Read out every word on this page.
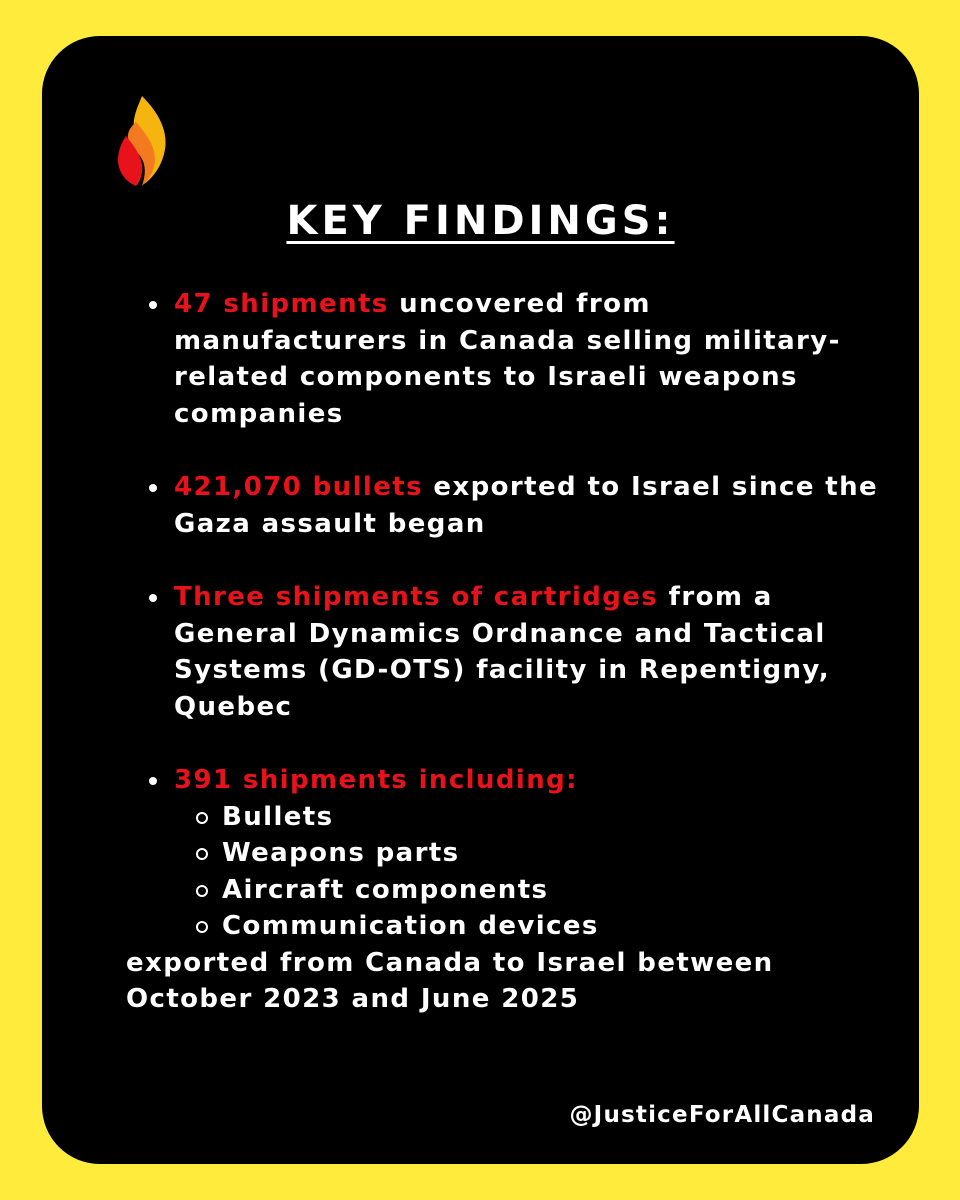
KEY FINDINGS:
47 shipments uncovered from manufacturers in Canada selling military-related components to Israeli weapons companies
421,070 bullets exported to Israel since the Gaza assault began
Three shipments of cartridges from a General Dynamics Ordnance and Tactical Systems (GD-OTS) facility in Repentigny, Quebec
391 shipments including:
Bullets
Weapons parts
Aircraft components
Communication devices

exported from Canada to Israel between October 2023 and June 2025

@JusticeForAllCanada
